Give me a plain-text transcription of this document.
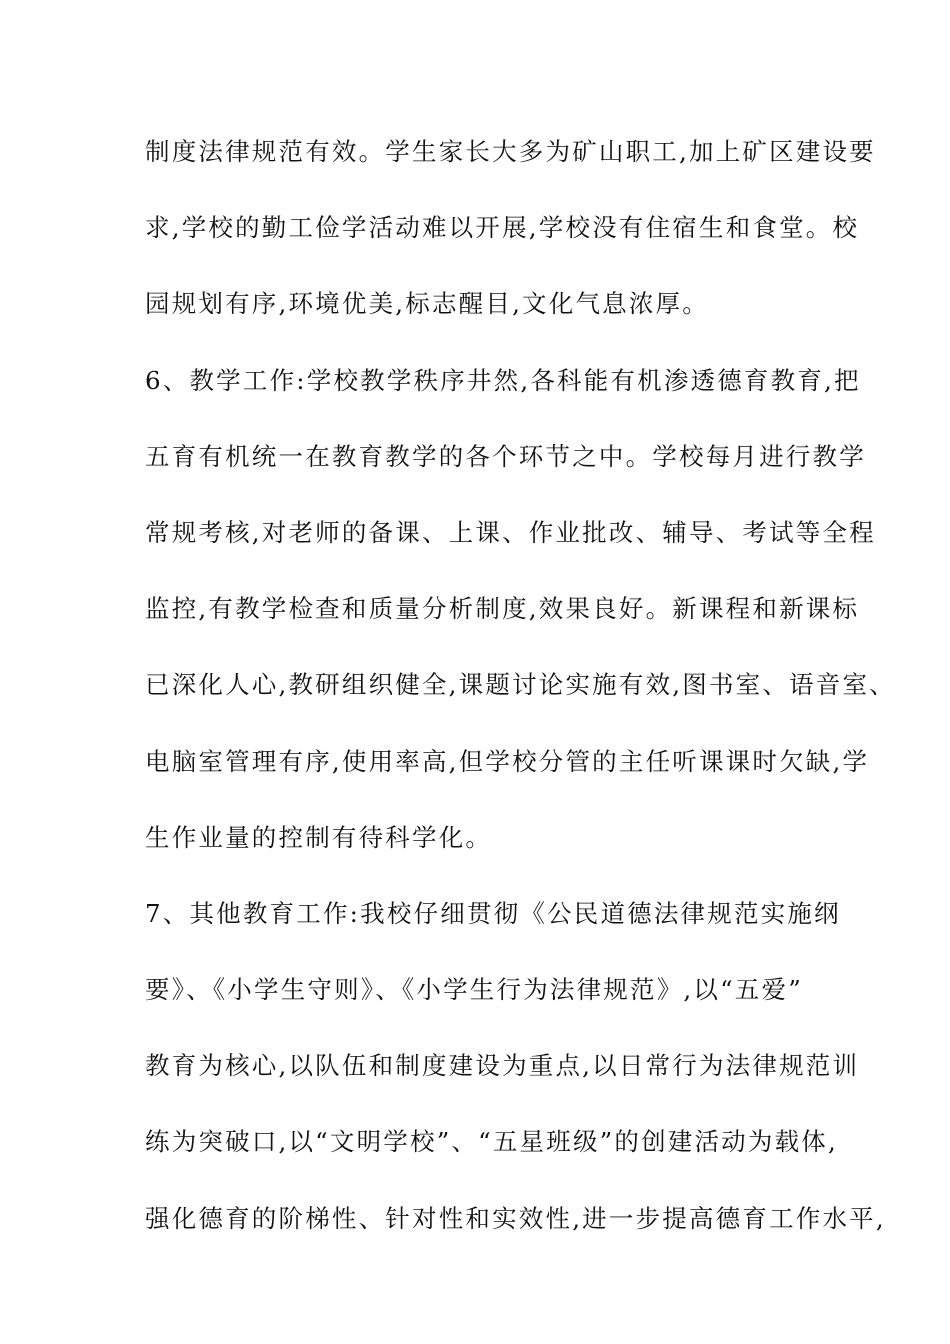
制度法律规范有效。学生家长大多为矿山职工,加上矿区建设要
求,学校的勤工俭学活动难以开展,学校没有住宿生和食堂。校
园规划有序,环境优美,标志醒目,文化气息浓厚。
6、教学工作:学校教学秩序井然,各科能有机渗透德育教育,把
五育有机统一在教育教学的各个环节之中。学校每月进行教学
常规考核,对老师的备课、上课、作业批改、辅导、考试等全程
监控,有教学检查和质量分析制度,效果良好。新课程和新课标
已深化人心,教研组织健全,课题讨论实施有效,图书室、语音室、
电脑室管理有序,使用率高,但学校分管的主任听课课时欠缺,学
生作业量的控制有待科学化。
7、其他教育工作:我校仔细贯彻《公民道德法律规范实施纲
要》、《小学生守则》、《小学生行为法律规范》,以“五爱”
教育为核心,以队伍和制度建设为重点,以日常行为法律规范训
练为突破口,以“文明学校”、“五星班级”的创建活动为载体,
强化德育的阶梯性、针对性和实效性,进一步提高德育工作水平,
